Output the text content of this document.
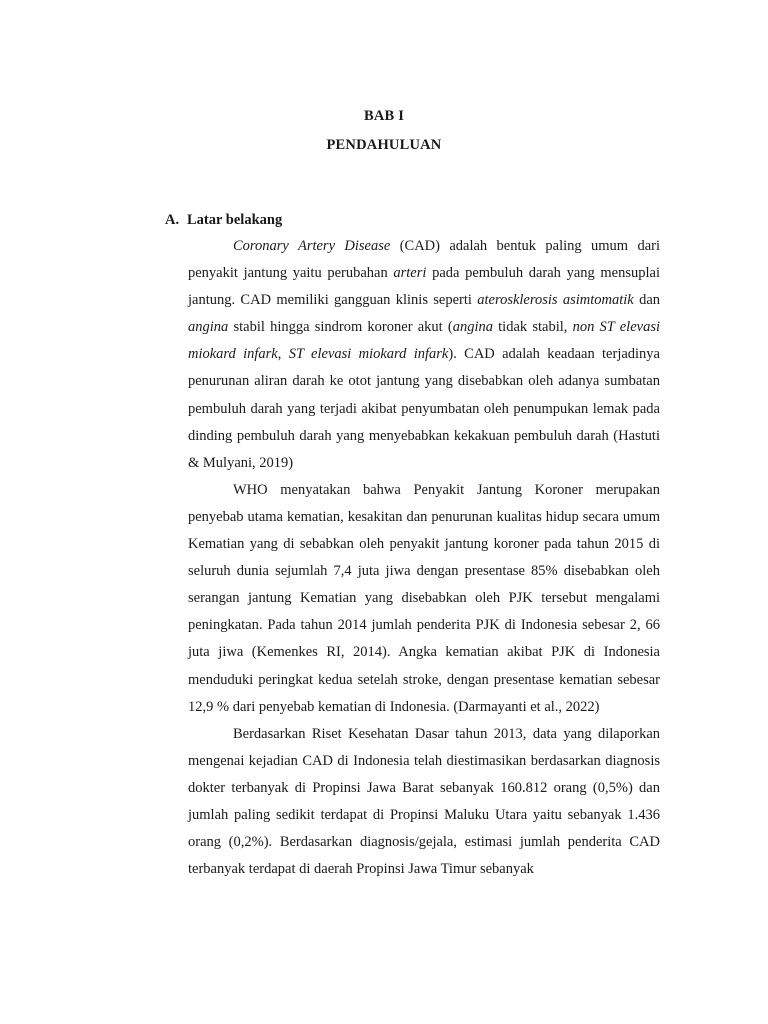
BAB I
PENDAHULUAN
A. Latar belakang

Coronary Artery Disease (CAD) adalah bentuk paling umum dari penyakit jantung yaitu perubahan arteri pada pembuluh darah yang mensuplai jantung. CAD memiliki gangguan klinis seperti aterosklerosis asimtomatik dan angina stabil hingga sindrom koroner akut (angina tidak stabil, non ST elevasi miokard infark, ST elevasi miokard infark). CAD adalah keadaan terjadinya penurunan aliran darah ke otot jantung yang disebabkan oleh adanya sumbatan pembuluh darah yang terjadi akibat penyumbatan oleh penumpukan lemak pada dinding pembuluh darah yang menyebabkan kekakuan pembuluh darah (Hastuti & Mulyani, 2019)

WHO menyatakan bahwa Penyakit Jantung Koroner merupakan penyebab utama kematian, kesakitan dan penurunan kualitas hidup secara umum Kematian yang di sebabkan oleh penyakit jantung koroner pada tahun 2015 di seluruh dunia sejumlah 7,4 juta jiwa dengan presentase 85% disebabkan oleh serangan jantung Kematian yang disebabkan oleh PJK tersebut mengalami peningkatan. Pada tahun 2014 jumlah penderita PJK di Indonesia sebesar 2, 66 juta jiwa (Kemenkes RI, 2014). Angka kematian akibat PJK di Indonesia menduduki peringkat kedua setelah stroke, dengan presentase kematian sebesar 12,9 % dari penyebab kematian di Indonesia. (Darmayanti et al., 2022)

Berdasarkan Riset Kesehatan Dasar tahun 2013, data yang dilaporkan mengenai kejadian CAD di Indonesia telah diestimasikan berdasarkan diagnosis dokter terbanyak di Propinsi Jawa Barat sebanyak 160.812 orang (0,5%) dan jumlah paling sedikit terdapat di Propinsi Maluku Utara yaitu sebanyak 1.436 orang (0,2%). Berdasarkan diagnosis/gejala, estimasi jumlah penderita CAD terbanyak terdapat di daerah Propinsi Jawa Timur sebanyak
